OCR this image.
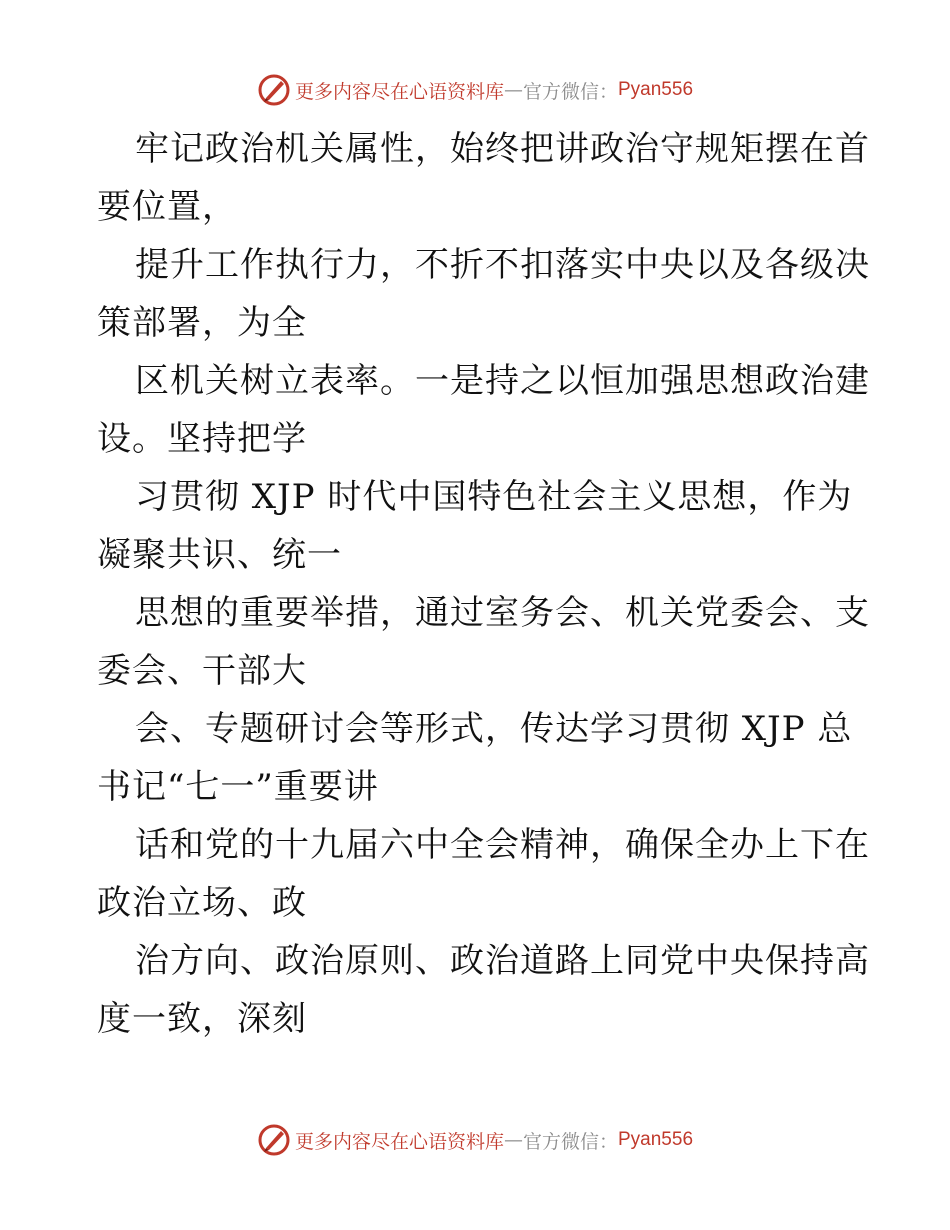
更多内容尽在心语资料库 — 官方微信： Pyan556
牢记政治机关属性，始终把讲政治守规矩摆在首
要位置，
提升工作执行力，不折不扣落实中央以及各级决
策部署，为全
区机关树立表率。一是持之以恒加强思想政治建
设。坚持把学
习贯彻 XJP 时代中国特色社会主义思想，作为
凝聚共识、统一
思想的重要举措，通过室务会、机关党委会、支
委会、干部大
会、专题研讨会等形式，传达学习贯彻 XJP 总
书记“七一”重要讲
话和党的十九届六中全会精神，确保全办上下在
政治立场、政
治方向、政治原则、政治道路上同党中央保持高
度一致，深刻
更多内容尽在心语资料库 — 官方微信： Pyan556
